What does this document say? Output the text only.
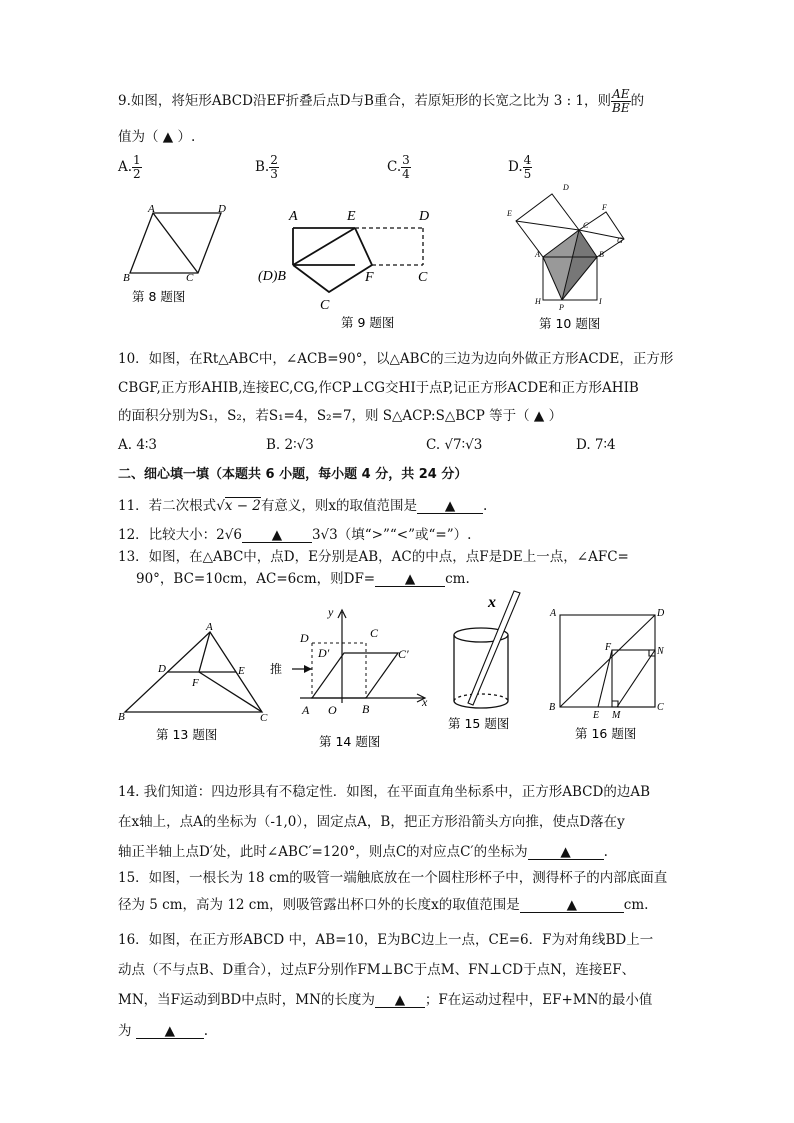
9.如图，将矩形ABCD沿EF折叠后点D与B重合，若原矩形的长宽之比为 3 : 1，则 $\frac{AE}{BE}$ 的
值为（ ▲ ）.
A. $\frac{1}{2}$	B. $\frac{2}{3}$	C. $\frac{3}{4}$	D. $\frac{4}{5}$
A	D
B	C
第 8 题图
A	E	D
(D)B	F
C
C
第 9 题图
D
E
C
G
F
A	B
H
P
I
第 10 题图
10．如图，在Rt△ABC中，∠ACB=90°，以△ABC的三边为边向外做正方形ACDE，正方形
CBGF,正方形AHIB,连接EC,CG,作CP⊥CG交HI于点P,记正方形ACDE和正方形AHIB
的面积分别为S₁，S₂，若S₁=4，S₂=7，则 S△ACP:S△BCP 等于（ ▲ ）
A. 4∶3	B. 2∶√3	C. √7∶√3	D. 7∶4
二、细心填一填（本题共 6 小题，每小题 4 分，共 24 分）
11．若二次根式√x − 2有意义，则x的取值范围是 ▲ .
12．比较大小：2√6 ▲ 3√3（填“>”“<”或“=”）.
13．如图，在△ABC中，点D，E分别是AB，AC的中点，点F是DE上一点，∠AFC=
90°，BC=10cm，AC=6cm，则DF= ▲ cm.
A
D	E
F
B	C
第 13 题图
y
D	C
D′	C′
A O B	x
推
第 14 题图
x
第 15 题图
A	D
F	N
B
E M
C
第 16 题图
14. 我们知道：四边形具有不稳定性．如图，在平面直角坐标系中，正方形ABCD的边AB
在x轴上，点A的坐标为（-1,0），固定点A，B，把正方形沿箭头方向推，使点D落在y
轴正半轴上点D′处，此时∠ABC′=120°，则点C的对应点C′的坐标为 ▲ .
15．如图，一根长为 18 cm的吸管一端触底放在一个圆柱形杯子中，测得杯子的内部底面直
径为 5 cm，高为 12 cm，则吸管露出杯口外的长度x的取值范围是	▲	cm.
16．如图，在正方形ABCD 中，AB=10，E为BC边上一点，CE=6．F为对角线BD上一
动点（不与点B、D重合），过点F分别作FM⊥BC于点M、FN⊥CD于点N，连接EF、
MN，当F运动到BD中点时，MN的长度为 ▲ ；F在运动过程中，EF+MN的最小值
为 ▲ .
